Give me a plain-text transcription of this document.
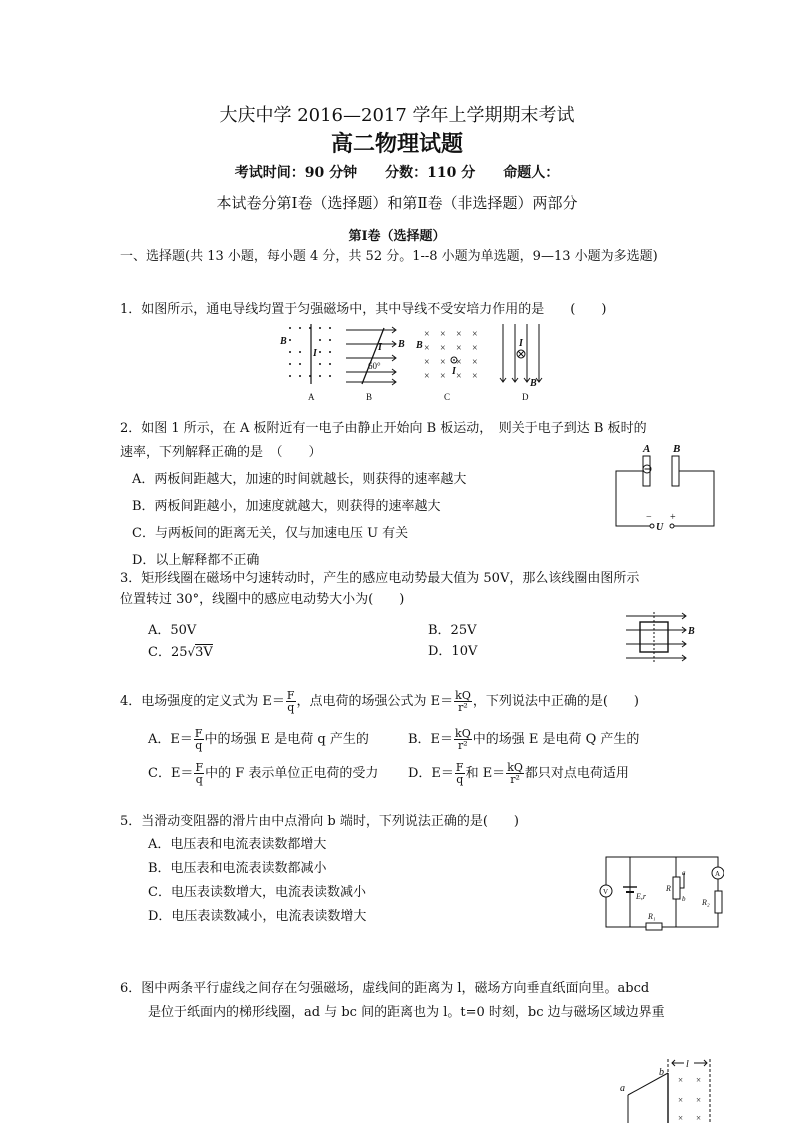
大庆中学 2016—2017 学年上学期期末考试
高二物理试题
考试时间：90 分钟　　分数：110 分　　命题人：
本试卷分第Ⅰ卷（选择题）和第Ⅱ卷（非选择题）两部分
第Ⅰ卷（选择题）
一、选择题(共 13 小题，每小题 4 分，共 52 分。1--8 小题为单选题，9—13 小题为多选题)
1．如图所示，通电导线均置于匀强磁场中，其中导线不受安培力作用的是　　(　　)
B
I
A
B
I
60°
B
× × × ×
× × × ×
× × × ×
× × × ×
B
I
C
I
B
D
2．如图 1 所示，在 A 板附近有一电子由静止开始向 B 板运动，　则关于电子到达 B 板时的
速率，下列解释正确的是　（　　）
A．两板间距越大，加速的时间就越长，则获得的速率越大
B．两板间距越小，加速度就越大，则获得的速率越大
C．与两板间的距离无关，仅与加速电压 U 有关
D．以上解释都不正确
A B
U
− +
3．矩形线圈在磁场中匀速转动时，产生的感应电动势最大值为 50V，那么该线圈由图所示
位置转过 30°，线圈中的感应电动势大小为(　　)
A．50V	B．25V
C．25√3V	D．10V
B
4．电场强度的定义式为 $E= \frac{F}{q}$ ，点电荷的场强公式为 $E= \frac{kQ}{\text{r²}}$ ，下列说法中正确的是(　　)
A．$E= \frac{F}{q}$ 中的场强 E 是电荷 q 产生的	B．$E= \frac{kQ}{\text{r²}}$ 中的场强 E 是电荷 Q 产生的
C．$E= \frac{F}{q}$ 中的 F 表示单位正电荷的受力 D．$E= \frac{F}{q}$ 和 $E= \frac{kQ}{\text{r²}}$ 都只对点电荷适用
5．当滑动变阻器的滑片由中点滑向 b 端时，下列说法正确的是(　　)
A．电压表和电流表读数都增大
B．电压表和电流表读数都减小
C．电压表读数增大，电流表读数减小
D．电压表读数减小，电流表读数增大
V
A
E,r
R
a
b
R₁
R₂
6．图中两条平行虚线之间存在匀强磁场，虚线间的距离为 l，磁场方向垂直纸面向里。abcd
是位于纸面内的梯形线圈，ad 与 bc 间的距离也为 l。t=0 时刻，bc 边与磁场区域边界重
l
b
a
× ×
× ×
× ×
